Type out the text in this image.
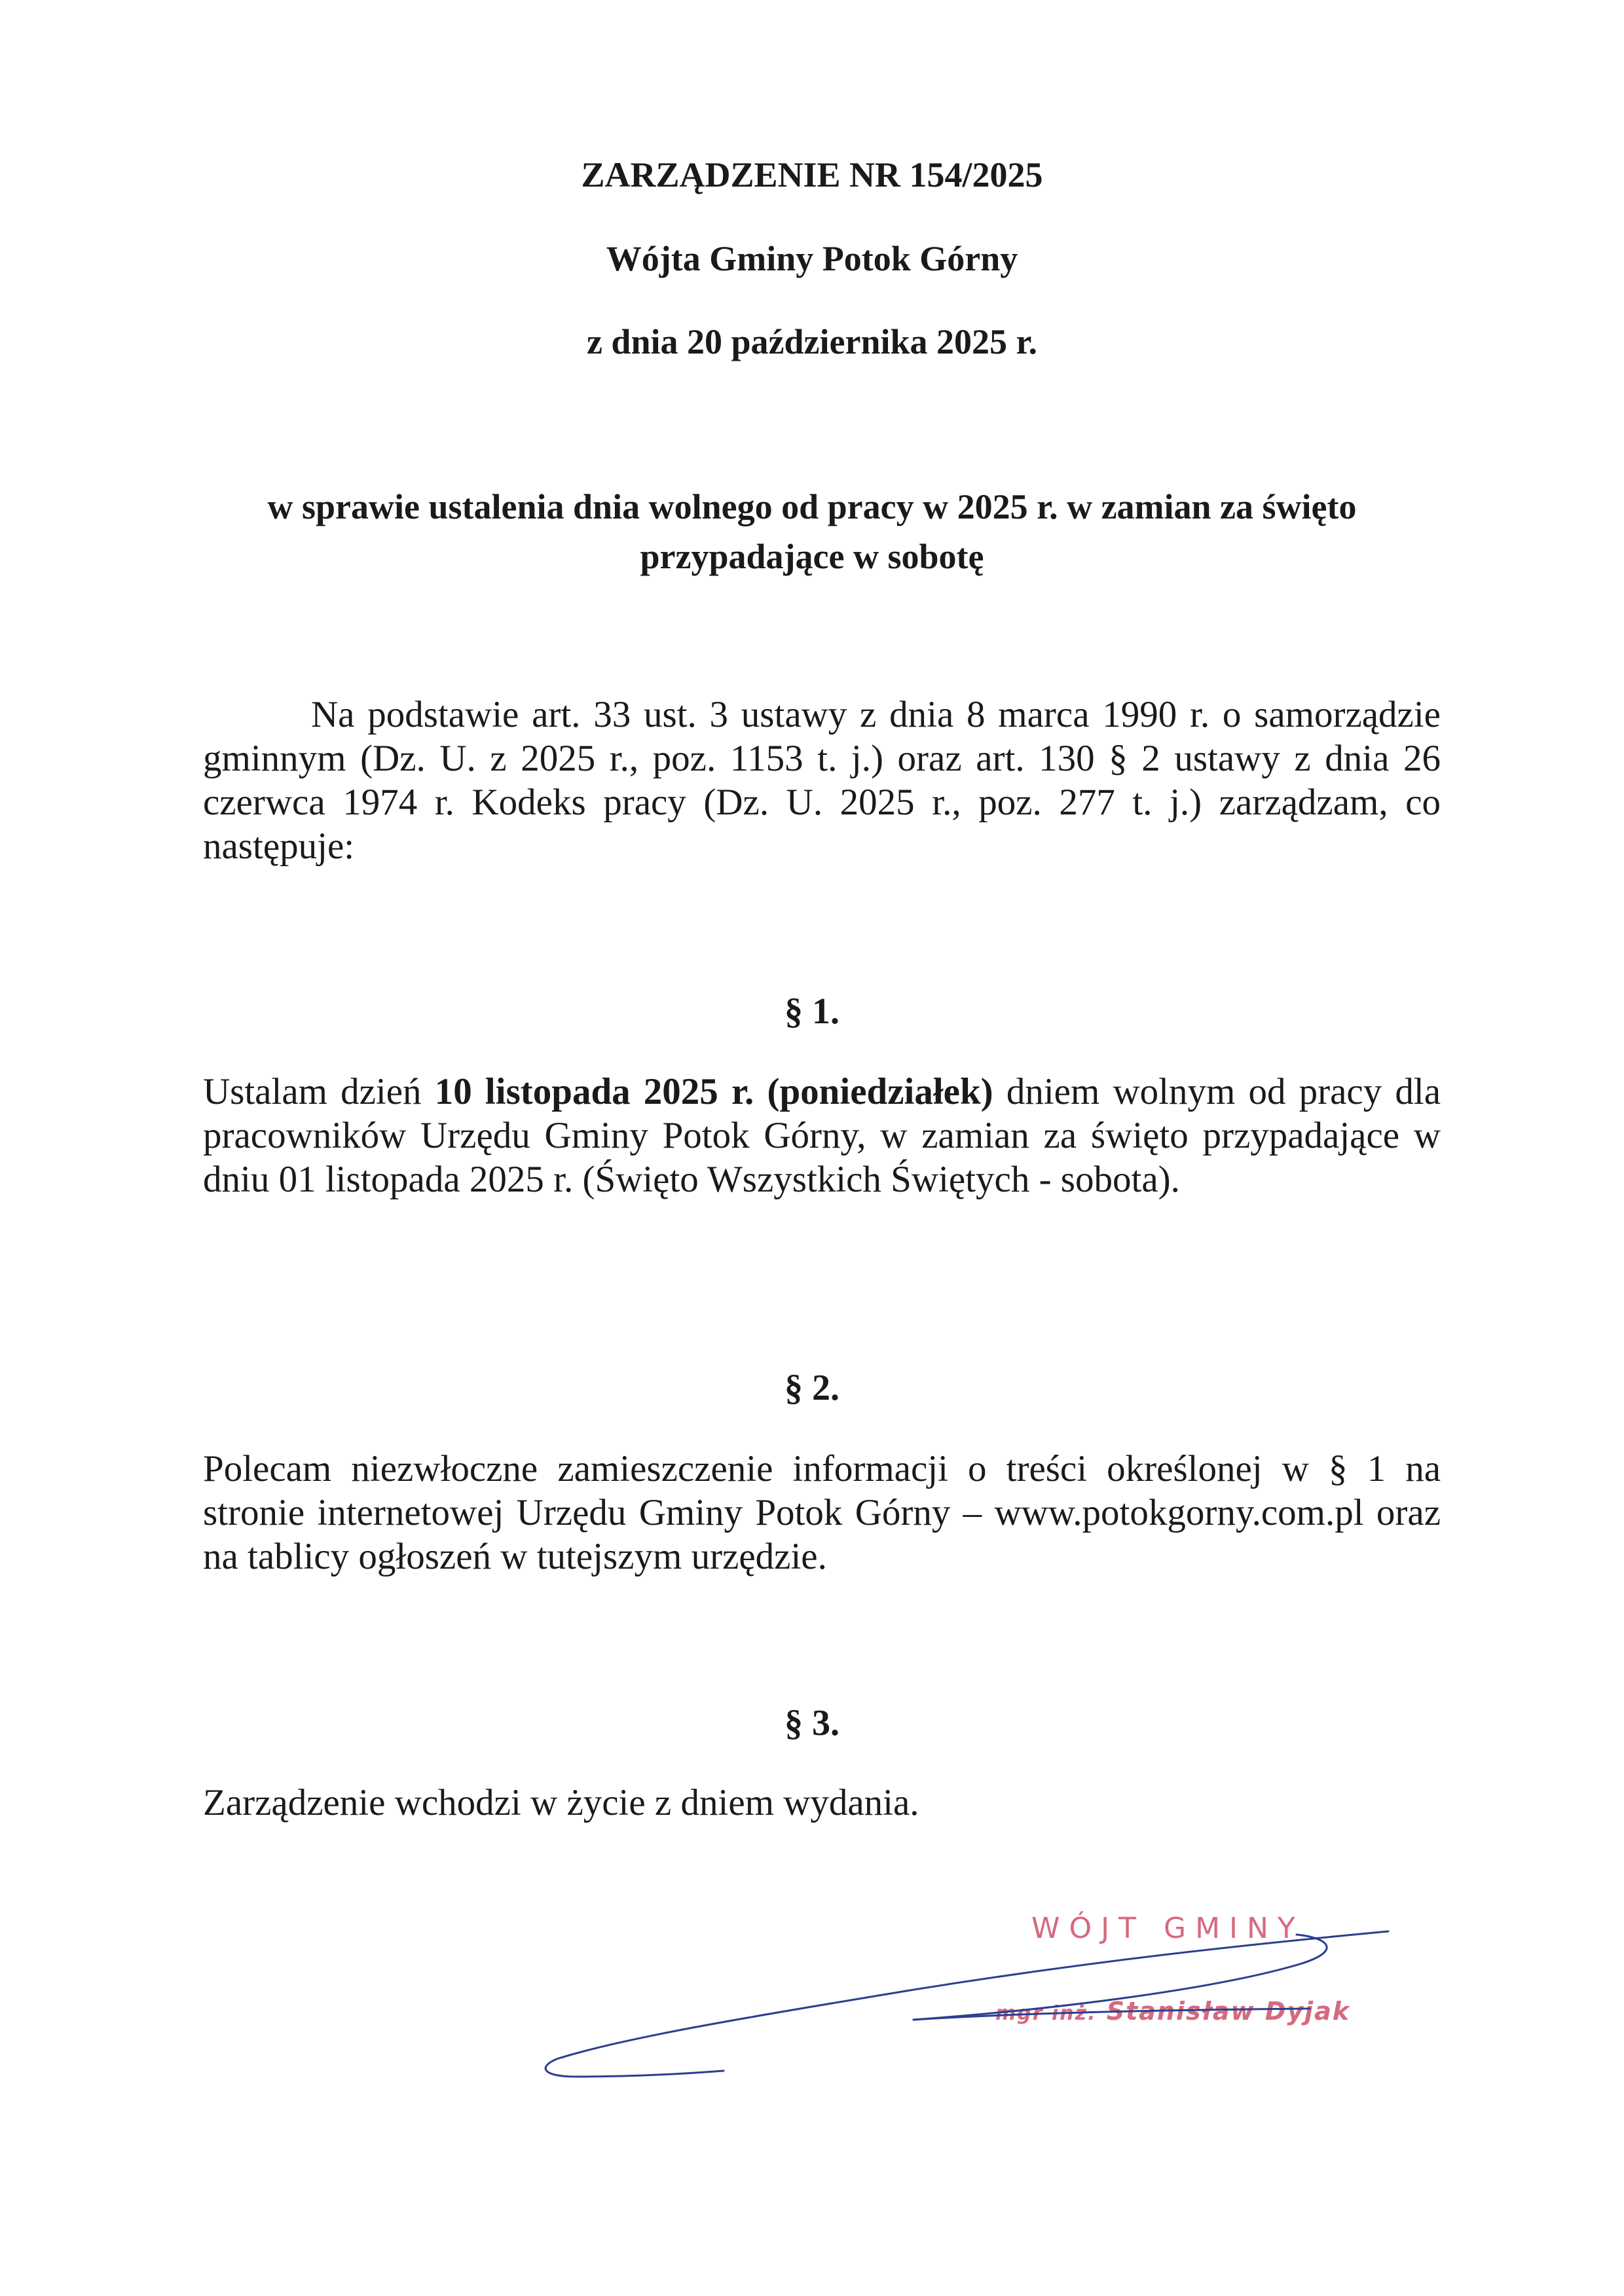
ZARZĄDZENIE NR 154/2025
Wójta Gminy Potok Górny
z dnia 20 października 2025 r.
w sprawie ustalenia dnia wolnego od pracy w 2025 r. w zamian za święto
przypadające w sobotę
Na podstawie art. 33 ust. 3 ustawy z dnia 8 marca 1990 r. o samorządzie gminnym (Dz. U. z 2025 r., poz. 1153 t. j.) oraz art. 130 § 2 ustawy z dnia 26 czerwca 1974 r. Kodeks pracy (Dz. U. 2025 r., poz. 277 t. j.) zarządzam, co następuje:
§ 1.
Ustalam dzień 10 listopada 2025 r. (poniedziałek) dniem wolnym od pracy dla pracowników Urzędu Gminy Potok Górny, w zamian za święto przypadające w dniu 01 listopada 2025 r. (Święto Wszystkich Świętych - sobota).
§ 2.
Polecam niezwłoczne zamieszczenie informacji o treści określonej w § 1 na stronie internetowej Urzędu Gminy Potok Górny – www.potokgorny.com.pl oraz na tablicy ogłoszeń w tutejszym urzędzie.
§ 3.
Zarządzenie wchodzi w życie z dniem wydania.
WÓJT GMINY
mgr inż. Stanisław Dyjak
